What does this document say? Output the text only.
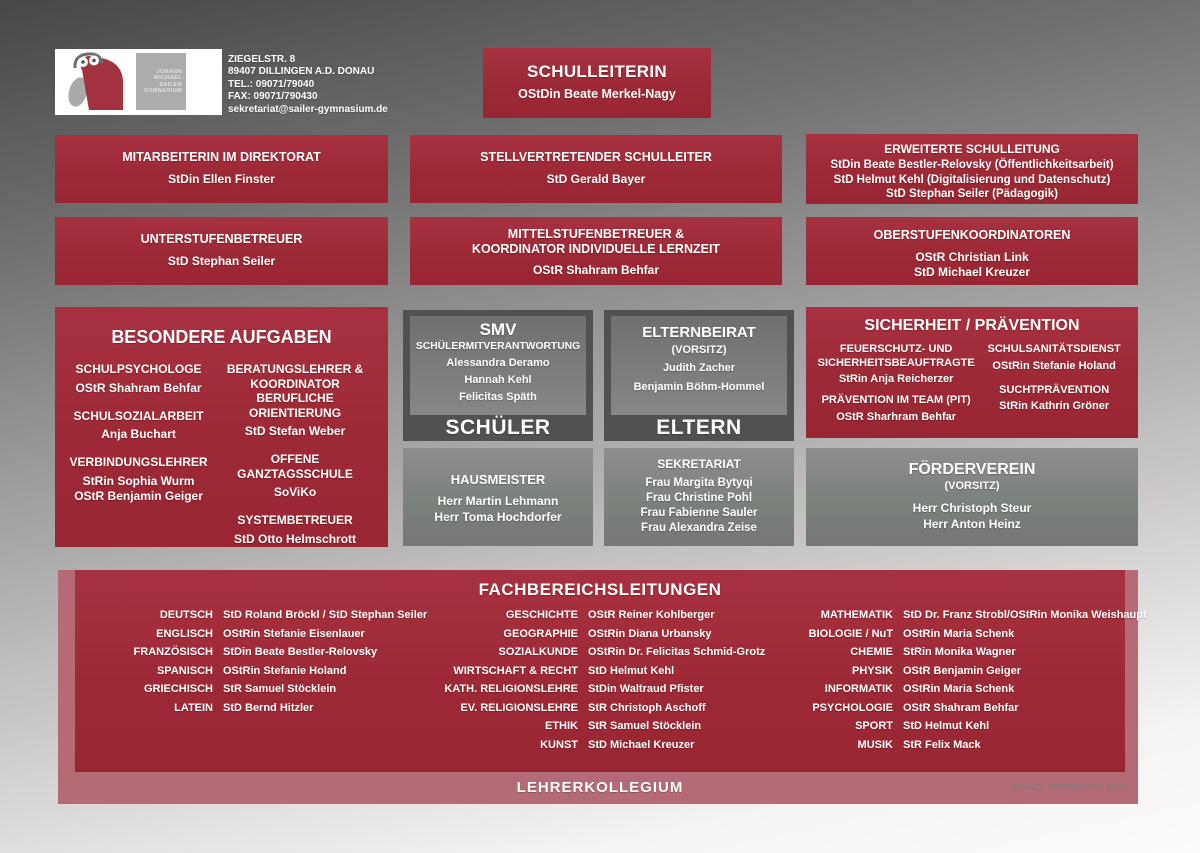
JOHANN
MICHAEL
SAILER
GYMNASIUM
ZIEGELSTR. 8
89407 DILLINGEN A.D. DONAU
TEL.: 09071/79040
FAX: 09071/790430
sekretariat@sailer-gymnasium.de
SCHULLEITERIN
OStDin Beate Merkel-Nagy
MITARBEITERIN IM DIREKTORAT
StDin Ellen Finster
STELLVERTRETENDER SCHULLEITER
StD Gerald Bayer
ERWEITERTE SCHULLEITUNG
StDin Beate Bestler-Relovsky (Öffentlichkeitsarbeit)
StD Helmut Kehl (Digitalisierung und Datenschutz)
StD Stephan Seiler (Pädagogik)
UNTERSTUFENBETREUER
StD Stephan Seiler
MITTELSTUFENBETREUER &
KOORDINATOR INDIVIDUELLE LERNZEIT
OStR Shahram Behfar
OBERSTUFENKOORDINATOREN
OStR Christian Link
StD Michael Kreuzer
BESONDERE AUFGABEN
SCHULPSYCHOLOGE
OStR Shahram Behfar
SCHULSOZIALARBEIT
Anja Buchart
VERBINDUNGSLEHRER
StRin Sophia Wurm
OStR Benjamin Geiger
BERATUNGSLEHRER & KOORDINATOR BERUFLICHE ORIENTIERUNG
StD Stefan Weber
OFFENE GANZTAGSSCHULE
SoViKo
SYSTEMBETREUER
StD Otto Helmschrott
SMV
SCHÜLERMITVERANTWORTUNG
Alessandra Deramo
Hannah Kehl
Felicitas Späth
SCHÜLER
ELTERNBEIRAT
(VORSITZ)
Judith Zacher
Benjamin Böhm-Hommel
ELTERN
SICHERHEIT / PRÄVENTION
FEUERSCHUTZ- UND SICHERHEITSBEAUFTRAGTE
StRin Anja Reicherzer
PRÄVENTION IM TEAM (PIT)
OStR Sharhram Behfar
SCHULSANITÄTSDIENST
OStRin Stefanie Holand
SUCHTPRÄVENTION
StRin Kathrin Gröner
HAUSMEISTER
Herr Martin Lehmann
Herr Toma Hochdorfer
SEKRETARIAT
Frau Margita Bytyqi
Frau Christine Pohl
Frau Fabienne Sauler
Frau Alexandra Zeise
FÖRDERVEREIN
(VORSITZ)
Herr Christoph Steur
Herr Anton Heinz
FACHBEREICHSLEITUNGEN
DEUTSCH StD Roland Bröckl / StD Stephan Seiler
ENGLISCH OStRin Stefanie Eisenlauer
FRANZÖSISCH StDin Beate Bestler-Relovsky
SPANISCH OStRin Stefanie Holand
GRIECHISCH StR Samuel Stöcklein
LATEIN StD Bernd Hitzler
GESCHICHTE OStR Reiner Kohlberger
GEOGRAPHIE OStRin Diana Urbansky
SOZIALKUNDE OStRin Dr. Felicitas Schmid-Grotz
WIRTSCHAFT & RECHT StD Helmut Kehl
KATH. RELIGIONSLEHRE StDin Waltraud Pfister
EV. RELIGIONSLEHRE StR Christoph Aschoff
ETHIK StR Samuel Stöcklein
KUNST StD Michael Kreuzer
MATHEMATIK StD Dr. Franz Strobl/OStRin Monika Weishaupt
BIOLOGIE / NuT OStRin Maria Schenk
CHEMIE StRin Monika Wagner
PHYSIK OStR Benjamin Geiger
INFORMATIK OStRin Maria Schenk
PSYCHOLOGIE OStR Shahram Behfar
SPORT StD Helmut Kehl
MUSIK StR Felix Mack
LEHRERKOLLEGIUM	STAND: SEPTEMBER 2025
